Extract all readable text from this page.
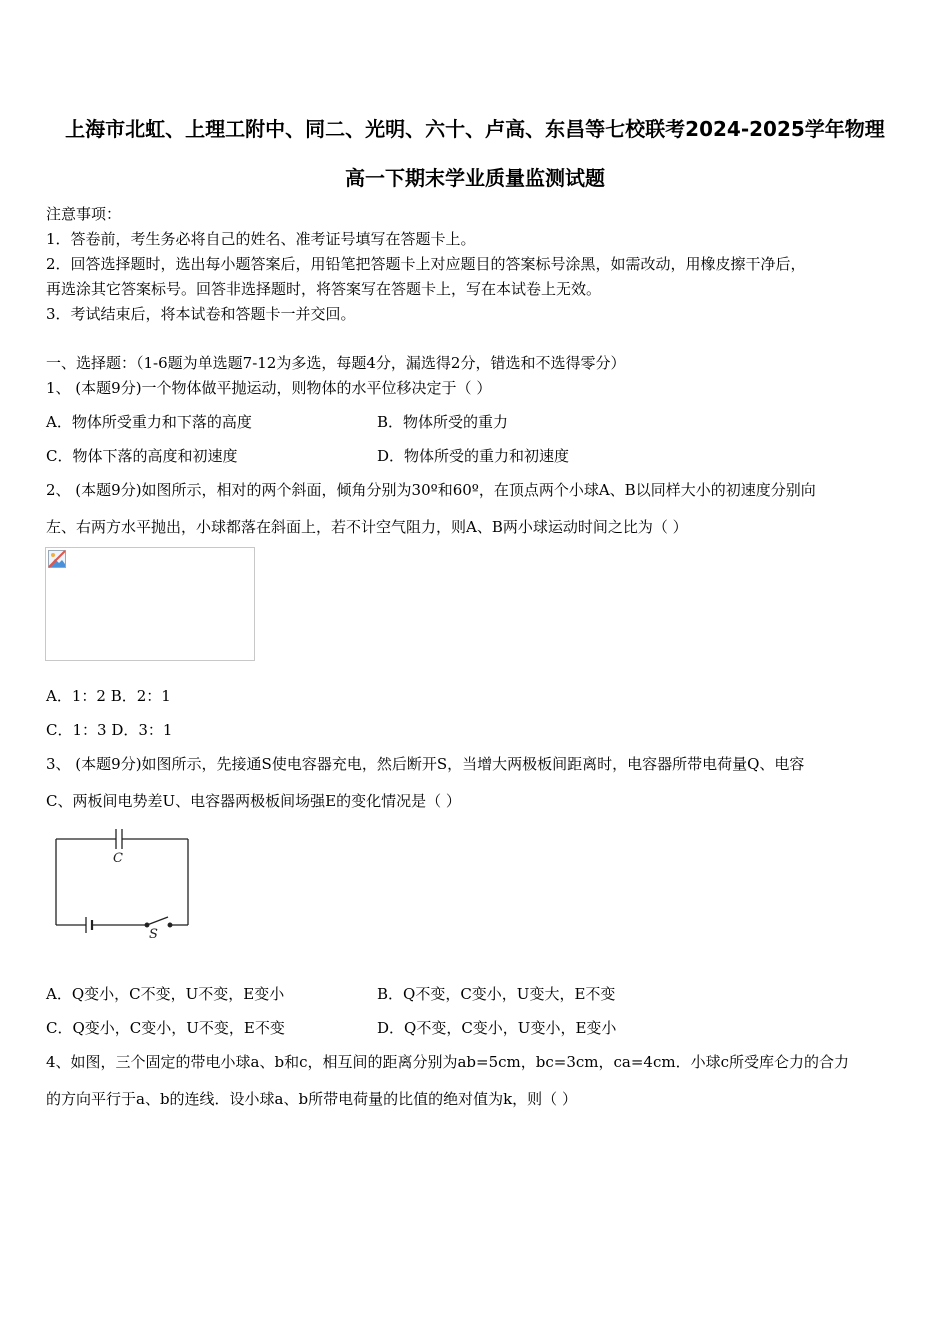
上海市北虹、上理工附中、同二、光明、六十、卢高、东昌等七校联考2024-2025学年物理
高一下期末学业质量监测试题
注意事项：
1．答卷前，考生务必将自己的姓名、准考证号填写在答题卡上。
2．回答选择题时，选出每小题答案后，用铅笔把答题卡上对应题目的答案标号涂黑，如需改动，用橡皮擦干净后，
再选涂其它答案标号。回答非选择题时，将答案写在答题卡上，写在本试卷上无效。
3．考试结束后，将本试卷和答题卡一并交回。
一、选择题：（1-6题为单选题7-12为多选，每题4分，漏选得2分，错选和不选得零分）
1、 (本题9分)一个物体做平抛运动，则物体的水平位移决定于（ ）
A．物体所受重力和下落的高度	B．物体所受的重力
C．物体下落的高度和初速度	D．物体所受的重力和初速度
2、 (本题9分)如图所示，相对的两个斜面，倾角分别为30º和60º，在顶点两个小球A、B以同样大小的初速度分别向
左、右两方水平抛出，小球都落在斜面上，若不计空气阻力，则A、B两小球运动时间之比为（ ）
A．1：2 B．2：1
C．1：3 D．3：1
3、 (本题9分)如图所示，先接通S使电容器充电，然后断开S，当增大两极板间距离时，电容器所带电荷量Q、电容
C、两板间电势差U、电容器两极板间场强E的变化情况是（ ）
C
S
A．Q变小，C不变，U不变，E变小	B．Q不变，C变小，U变大，E不变
C．Q变小，C变小，U不变，E不变	D．Q不变，C变小，U变小，E变小
4、如图，三个固定的带电小球a、b和c，相互间的距离分别为ab=5cm，bc=3cm，ca=4cm．小球c所受库仑力的合力
的方向平行于a、b的连线．设小球a、b所带电荷量的比值的绝对值为k，则（ ）
